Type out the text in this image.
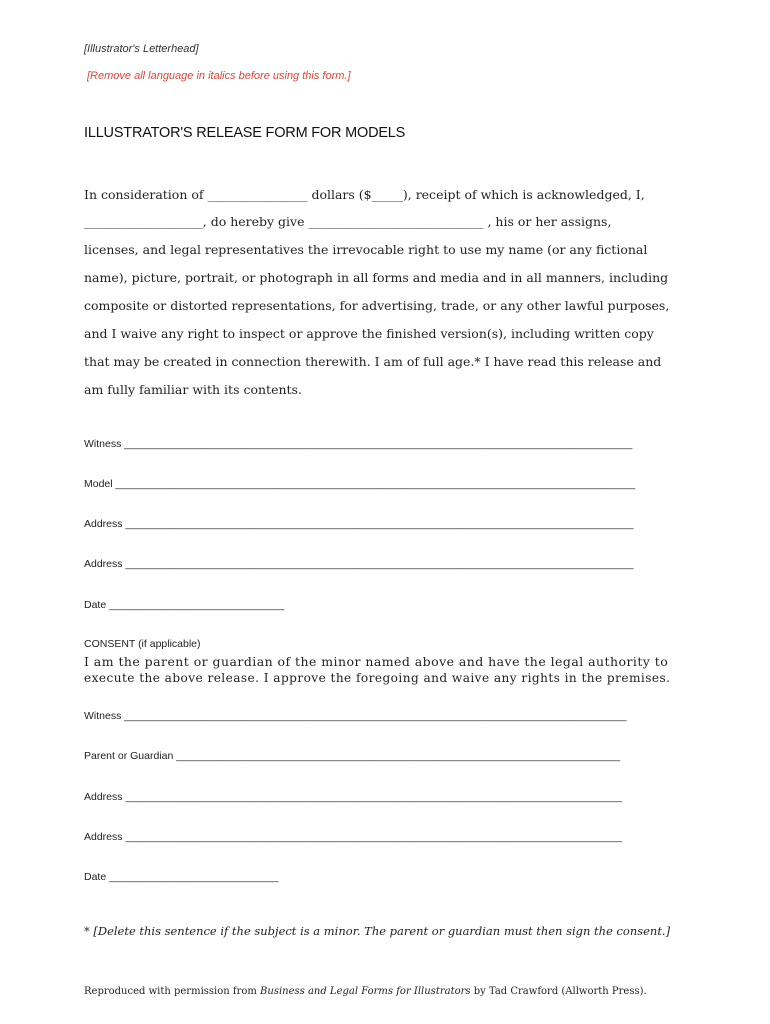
[Illustrator's Letterhead]
[Remove all language in italics before using this form.]
ILLUSTRATOR'S RELEASE FORM FOR MODELS
In consideration of ________________ dollars ($_____), receipt of which is acknowledged, I,
___________________, do hereby give ____________________________ , his or her assigns,
licenses, and legal representatives the irrevocable right to use my name (or any fictional
name), picture, portrait, or photograph in all forms and media and in all manners, including
composite or distorted representations, for advertising, trade, or any other lawful purposes,
and I waive any right to inspect or approve the finished version(s), including written copy
that may be created in connection therewith. I am of full age.* I have read this release and
am fully familiar with its contents.
Witness _______________________________________________________________________________________
Model _________________________________________________________________________________________
Address _______________________________________________________________________________________
Address _______________________________________________________________________________________
Date ______________________________
CONSENT (if applicable)
I am the parent or guardian of the minor named above and have the legal authority to
execute the above release. I approve the foregoing and waive any rights in the premises.
Witness ______________________________________________________________________________________
Parent or Guardian ____________________________________________________________________________
Address _____________________________________________________________________________________
Address _____________________________________________________________________________________
Date _____________________________
* [Delete this sentence if the subject is a minor. The parent or guardian must then sign the consent.]
Reproduced with permission from Business and Legal Forms for Illustrators by Tad Crawford (Allworth Press).
